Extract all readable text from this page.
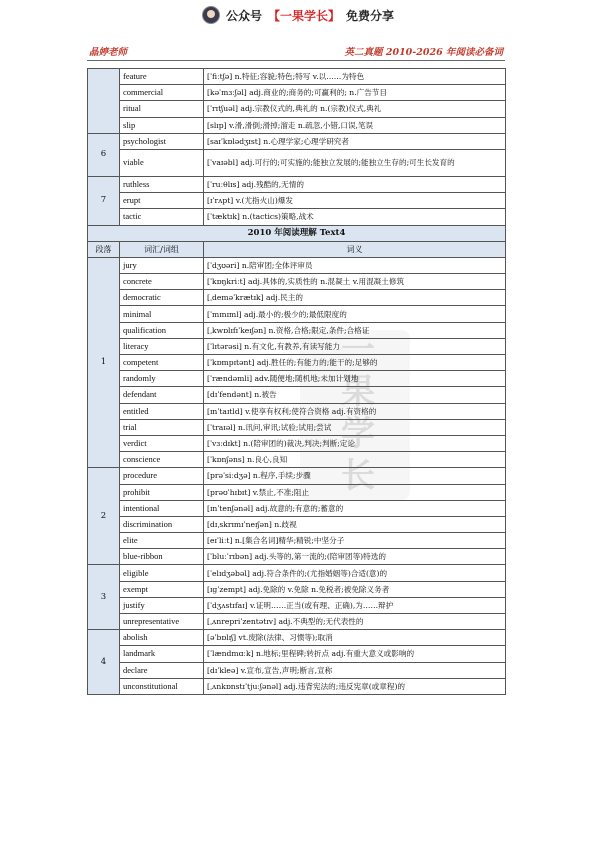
公众号 【一果学长】 免费分享
晶婷老师	英二真题 2010-2026 年阅读必备词
一果学长
	feature	[ˈfiːtʃə] n.特征;容貌;特色;特写 v.以……为特色
	commercial	[kəˈmɜːʃəl] adj.商业的;商务的;可赢利的; n.广告节目
	ritual	[ˈrɪtʃuəl] adj.宗教仪式的,典礼的 n.(宗教)仪式,典礼
	slip	[slɪp] v.滑,滑倒;滑掉;溜走 n.疏忽,小错,口误,笔误
6	psychologist	[saɪˈkɒlədʒɪst] n.心理学家;心理学研究者
	viable	[ˈvaɪəbl] adj.可行的;可实施的;能独立发展的;能独立生存的;可生长发育的
7	ruthless	[ˈruːθlɪs] adj.残酷的,无情的
	erupt	[ɪˈrʌpt] v.(尤指火山)爆发
	tactic	[ˈtæktɪk] n.(tactics)策略,战术
2010 年阅读理解 Text4		
段落	词汇/词组	词义
1	jury	[ˈdʒʊəri] n.陪审团;全体评审员
	concrete	[ˈkɒŋkriːt] adj.具体的,实质性的 n.混凝土 v.用混凝土修筑
	democratic	[ˌdeməˈkrætɪk] adj.民主的
	minimal	[ˈmɪnɪml] adj.最小的;极少的;最低限度的
	qualification	[ˌkwɒlɪfɪˈkeɪʃən] n.资格,合格;限定,条件;合格证
	literacy	[ˈlɪtərəsi] n.有文化,有教养,有读写能力
	competent	[ˈkɒmpɪtənt] adj.胜任的;有能力的;能干的;足够的
	randomly	[ˈrændəmli] adv.随便地;随机地;未加计划地
	defendant	[dɪˈfendənt] n.被告
	entitled	[ɪnˈtaɪtld] v.使享有权利;使符合资格 adj.有资格的
	trial	[ˈtraɪəl] n.讯问,审讯;试验;试用;尝试
	verdict	[ˈvɜːdɪkt] n.(陪审团的)裁决,判决;判断;定论
	conscience	[ˈkɒnʃəns] n.良心,良知
2	procedure	[prəˈsiːdʒə] n.程序,手续;步骤
	prohibit	[prəʊˈhɪbɪt] v.禁止,不准;阻止
	intentional	[ɪnˈtenʃənəl] adj.故意的;有意的;蓄意的
	discrimination	[dɪˌskrɪmɪˈneɪʃən] n.歧视
	elite	[eɪˈliːt] n.[集合名词]精华;精锐;中坚分子
	blue-ribbon	[ˈbluːˈrɪbən] adj.头等的,第一流的;(陪审团等)特选的
3	eligible	[ˈelɪdʒəbəl] adj.符合条件的;(尤指婚姻等)合适(意)的
	exempt	[ɪgˈzempt] adj.免除的 v.免除 n.免税者;被免除义务者
	justify	[ˈdʒʌstɪfaɪ] v.证明……正当(或有理、正确),为……辩护
	unrepresentative	[ˌʌnrepriˈzentətɪv] adj.不典型的;无代表性的
4	abolish	[əˈbɒlɪʃ] vt.废除(法律、习惯等);取消
	landmark	[ˈlændmɑːk] n.地标;里程碑;转折点 adj.有重大意义或影响的
	declare	[dɪˈkleə] v.宣布,宣告,声明;断言,宣称
	unconstitutional	[ˌʌnkɒnstɪˈtjuːʃənəl] adj.违背宪法的;违反宪章(或章程)的
